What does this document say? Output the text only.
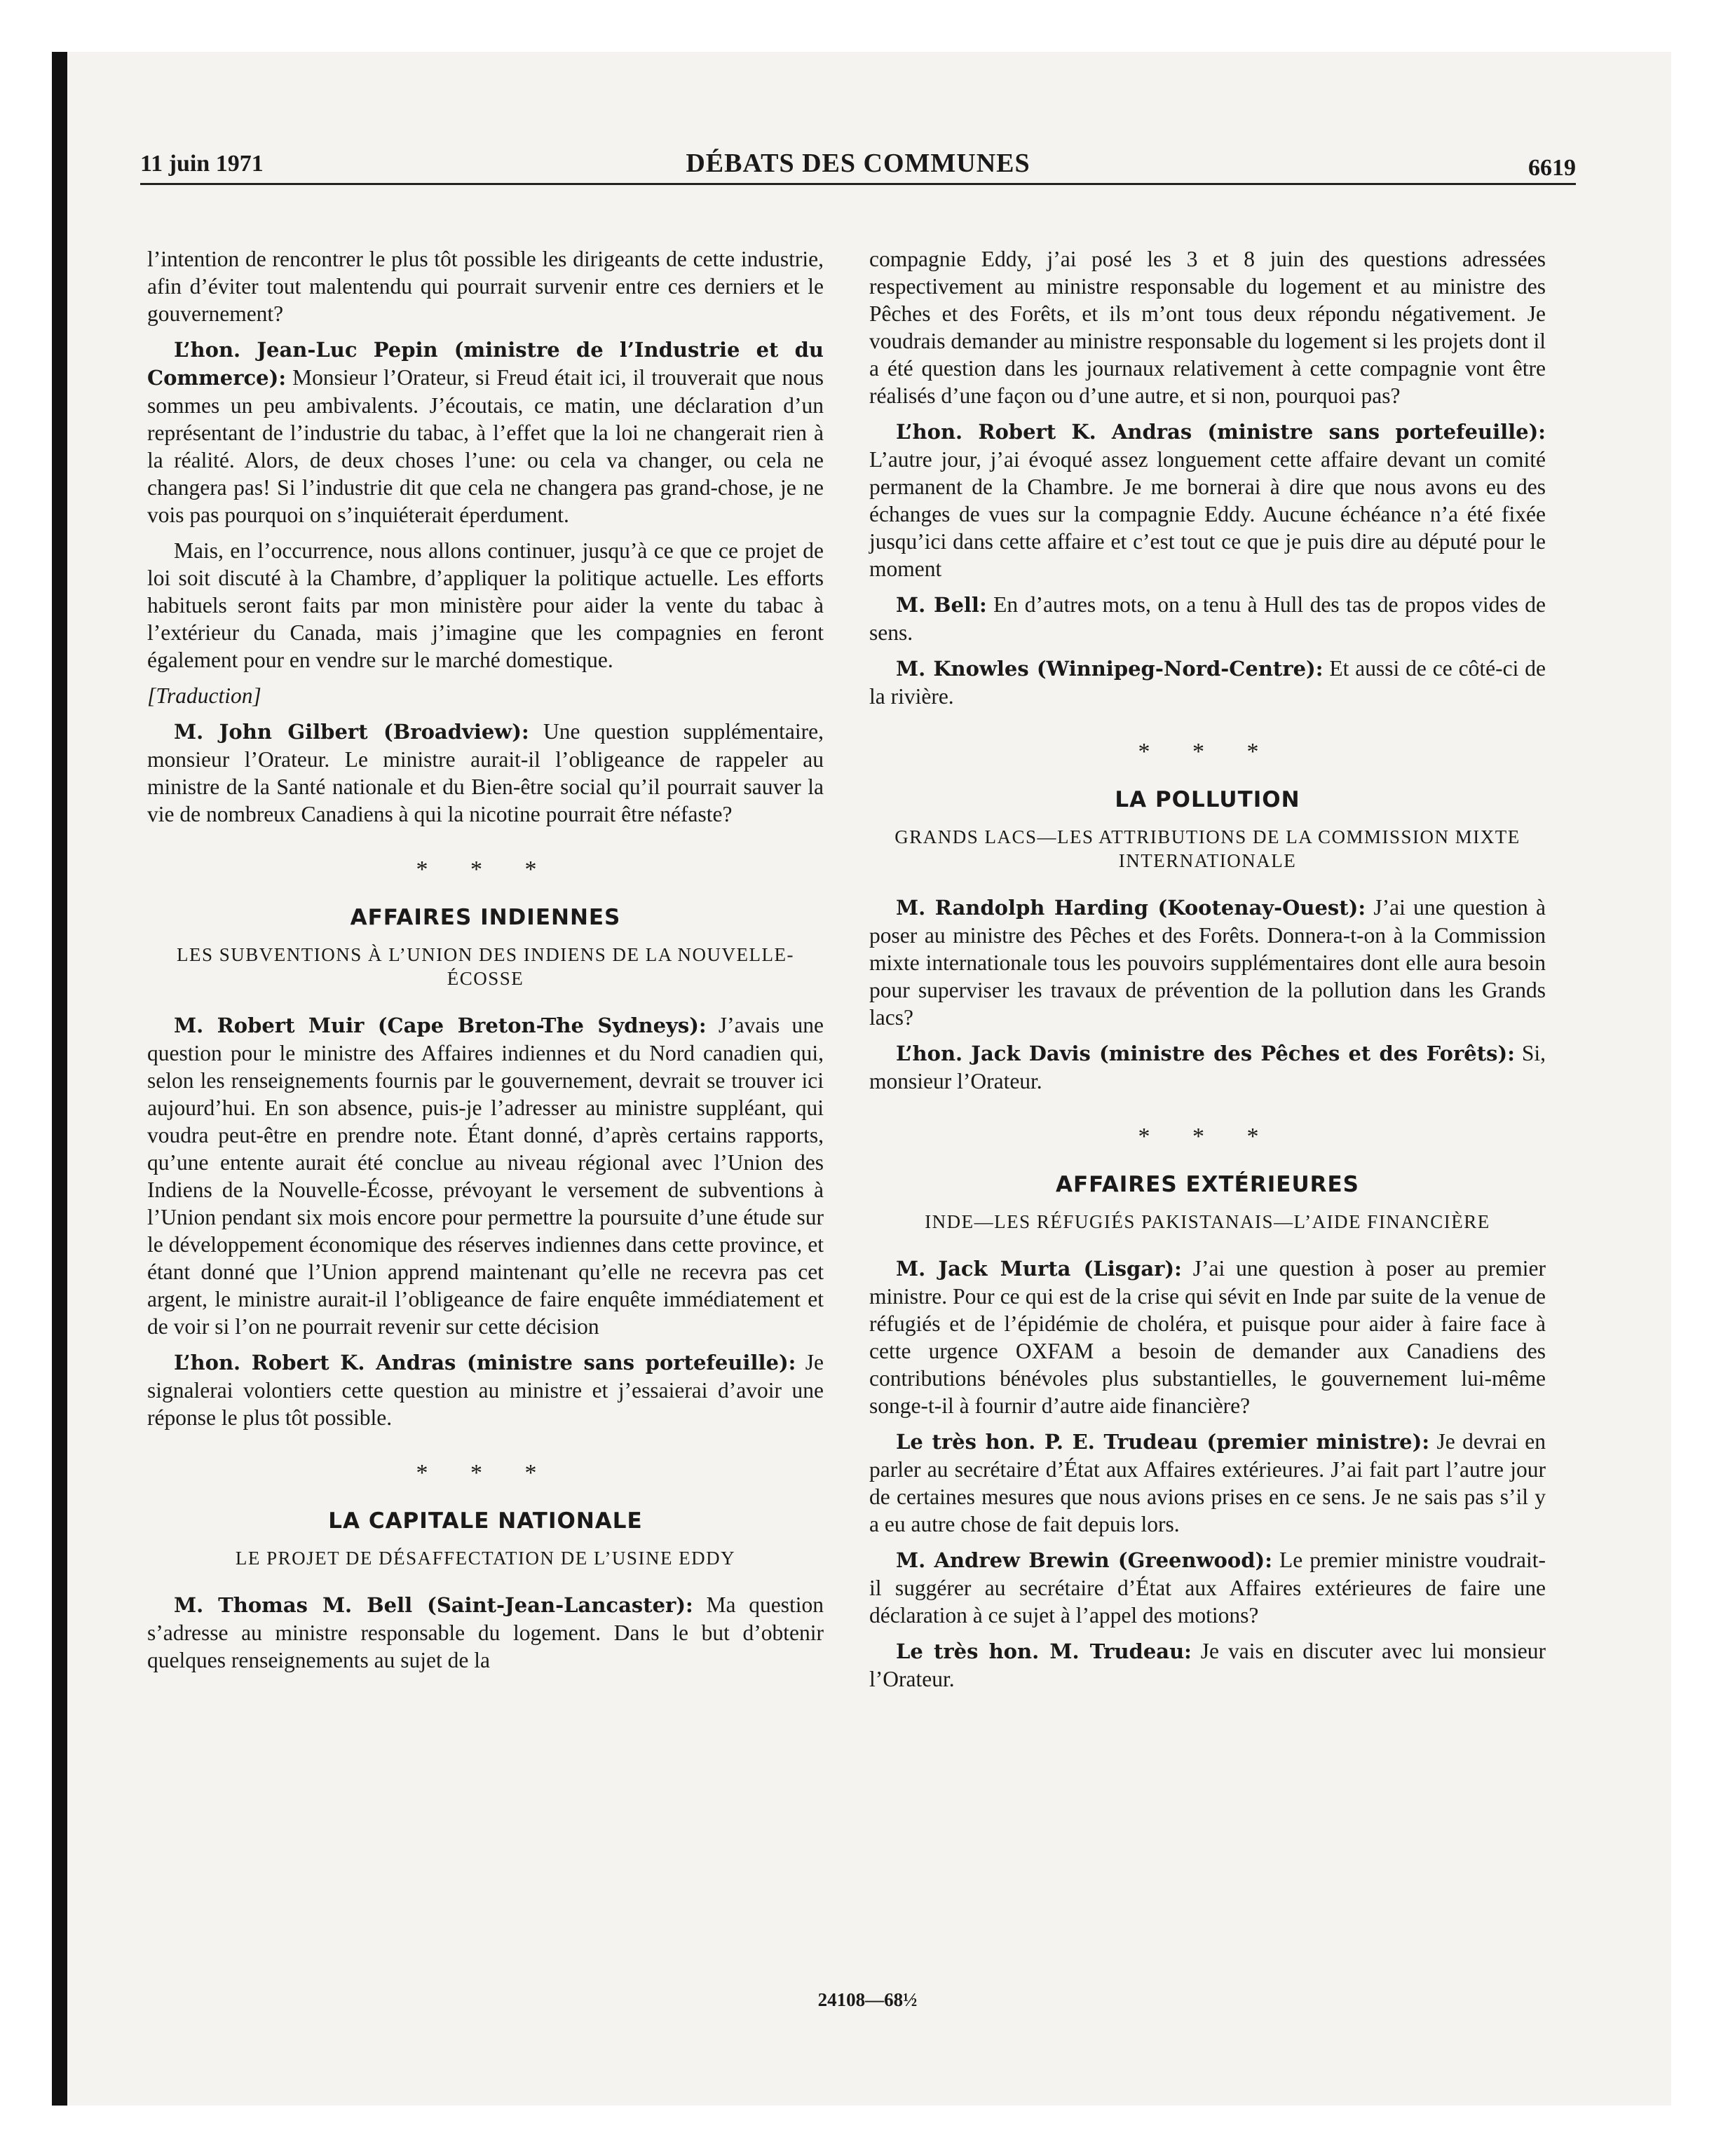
11 juin 1971	DÉBATS DES COMMUNES	6619

l’intention de rencontrer le plus tôt possible les dirigeants de cette industrie, afin d’éviter tout malentendu qui pourrait survenir entre ces derniers et le gouvernement?

L’hon. Jean-Luc Pepin (ministre de l’Industrie et du Commerce): Monsieur l’Orateur, si Freud était ici, il trouverait que nous sommes un peu ambivalents. J’écoutais, ce matin, une déclaration d’un représentant de l’industrie du tabac, à l’effet que la loi ne changerait rien à la réalité. Alors, de deux choses l’une: ou cela va changer, ou cela ne changera pas! Si l’industrie dit que cela ne changera pas grand-chose, je ne vois pas pourquoi on s’inquiéterait éperdument.

Mais, en l’occurrence, nous allons continuer, jusqu’à ce que ce projet de loi soit discuté à la Chambre, d’appliquer la politique actuelle. Les efforts habituels seront faits par mon ministère pour aider la vente du tabac à l’extérieur du Canada, mais j’imagine que les compagnies en feront également pour en vendre sur le marché domestique.

[Traduction]

M. John Gilbert (Broadview): Une question supplémentaire, monsieur l’Orateur. Le ministre aurait-il l’obligeance de rappeler au ministre de la Santé nationale et du Bien-être social qu’il pourrait sauver la vie de nombreux Canadiens à qui la nicotine pourrait être néfaste?

* * *
AFFAIRES INDIENNES
LES SUBVENTIONS À L’UNION DES INDIENS DE LA NOUVELLE-ÉCOSSE

M. Robert Muir (Cape Breton-The Sydneys): J’avais une question pour le ministre des Affaires indiennes et du Nord canadien qui, selon les renseignements fournis par le gouvernement, devrait se trouver ici aujourd’hui. En son absence, puis-je l’adresser au ministre suppléant, qui voudra peut-être en prendre note. Étant donné, d’après certains rapports, qu’une entente aurait été conclue au niveau régional avec l’Union des Indiens de la Nouvelle-Écosse, prévoyant le versement de subventions à l’Union pendant six mois encore pour permettre la poursuite d’une étude sur le développement économique des réserves indiennes dans cette province, et étant donné que l’Union apprend maintenant qu’elle ne recevra pas cet argent, le ministre aurait-il l’obligeance de faire enquête immédiatement et de voir si l’on ne pourrait revenir sur cette décision

L’hon. Robert K. Andras (ministre sans portefeuille): Je signalerai volontiers cette question au ministre et j’essaierai d’avoir une réponse le plus tôt possible.

* * *
LA CAPITALE NATIONALE
LE PROJET DE DÉSAFFECTATION DE L’USINE EDDY

M. Thomas M. Bell (Saint-Jean-Lancaster): Ma question s’adresse au ministre responsable du logement. Dans le but d’obtenir quelques renseignements au sujet de la

compagnie Eddy, j’ai posé les 3 et 8 juin des questions adressées respectivement au ministre responsable du logement et au ministre des Pêches et des Forêts, et ils m’ont tous deux répondu négativement. Je voudrais demander au ministre responsable du logement si les projets dont il a été question dans les journaux relativement à cette compagnie vont être réalisés d’une façon ou d’une autre, et si non, pourquoi pas?

L’hon. Robert K. Andras (ministre sans portefeuille): L’autre jour, j’ai évoqué assez longuement cette affaire devant un comité permanent de la Chambre. Je me bornerai à dire que nous avons eu des échanges de vues sur la compagnie Eddy. Aucune échéance n’a été fixée jusqu’ici dans cette affaire et c’est tout ce que je puis dire au député pour le moment

M. Bell: En d’autres mots, on a tenu à Hull des tas de propos vides de sens.

M. Knowles (Winnipeg-Nord-Centre): Et aussi de ce côté-ci de la rivière.

* * *
LA POLLUTION
GRANDS LACS—LES ATTRIBUTIONS DE LA COMMISSION MIXTE INTERNATIONALE

M. Randolph Harding (Kootenay-Ouest): J’ai une question à poser au ministre des Pêches et des Forêts. Donnera-t-on à la Commission mixte internationale tous les pouvoirs supplémentaires dont elle aura besoin pour superviser les travaux de prévention de la pollution dans les Grands lacs?

L’hon. Jack Davis (ministre des Pêches et des Forêts): Si, monsieur l’Orateur.

* * *
AFFAIRES EXTÉRIEURES
INDE—LES RÉFUGIÉS PAKISTANAIS—L’AIDE FINANCIÈRE

M. Jack Murta (Lisgar): J’ai une question à poser au premier ministre. Pour ce qui est de la crise qui sévit en Inde par suite de la venue de réfugiés et de l’épidémie de choléra, et puisque pour aider à faire face à cette urgence OXFAM a besoin de demander aux Canadiens des contributions bénévoles plus substantielles, le gouvernement lui-même songe-t-il à fournir d’autre aide financière?

Le très hon. P. E. Trudeau (premier ministre): Je devrai en parler au secrétaire d’État aux Affaires extérieures. J’ai fait part l’autre jour de certaines mesures que nous avions prises en ce sens. Je ne sais pas s’il y a eu autre chose de fait depuis lors.

M. Andrew Brewin (Greenwood): Le premier ministre voudrait-il suggérer au secrétaire d’État aux Affaires extérieures de faire une déclaration à ce sujet à l’appel des motions?

Le très hon. M. Trudeau: Je vais en discuter avec lui monsieur l’Orateur.

24108—68½
